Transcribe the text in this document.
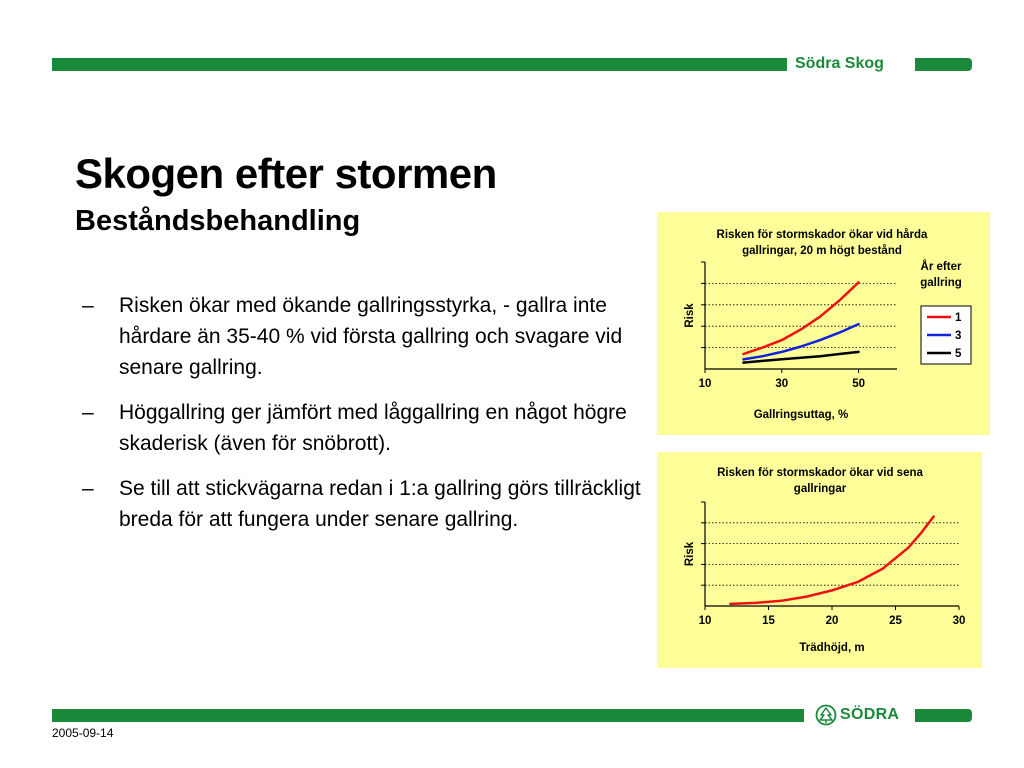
Södra Skog
Skogen efter stormen
Beståndsbehandling
– Risken ökar med ökande gallringsstyrka, - gallra inte hårdare än 35-40 % vid första gallring och svagare vid senare gallring.
– Höggallring ger jämfört med låggallring en något högre skaderisk (även för snöbrott).
– Se till att stickvägarna redan i 1:a gallring görs tillräckligt breda för att fungera under senare gallring.
Risken för stormskador ökar vid hårda
gallringar, 20 m högt bestånd
10	30	50
Gallringsuttag, %
Risk
År efter
gallring
1
3
5
Risken för stormskador ökar vid sena
gallringar
10	15	20	25	30
Trädhöjd, m
Risk
SÖDRA
2005-09-14
